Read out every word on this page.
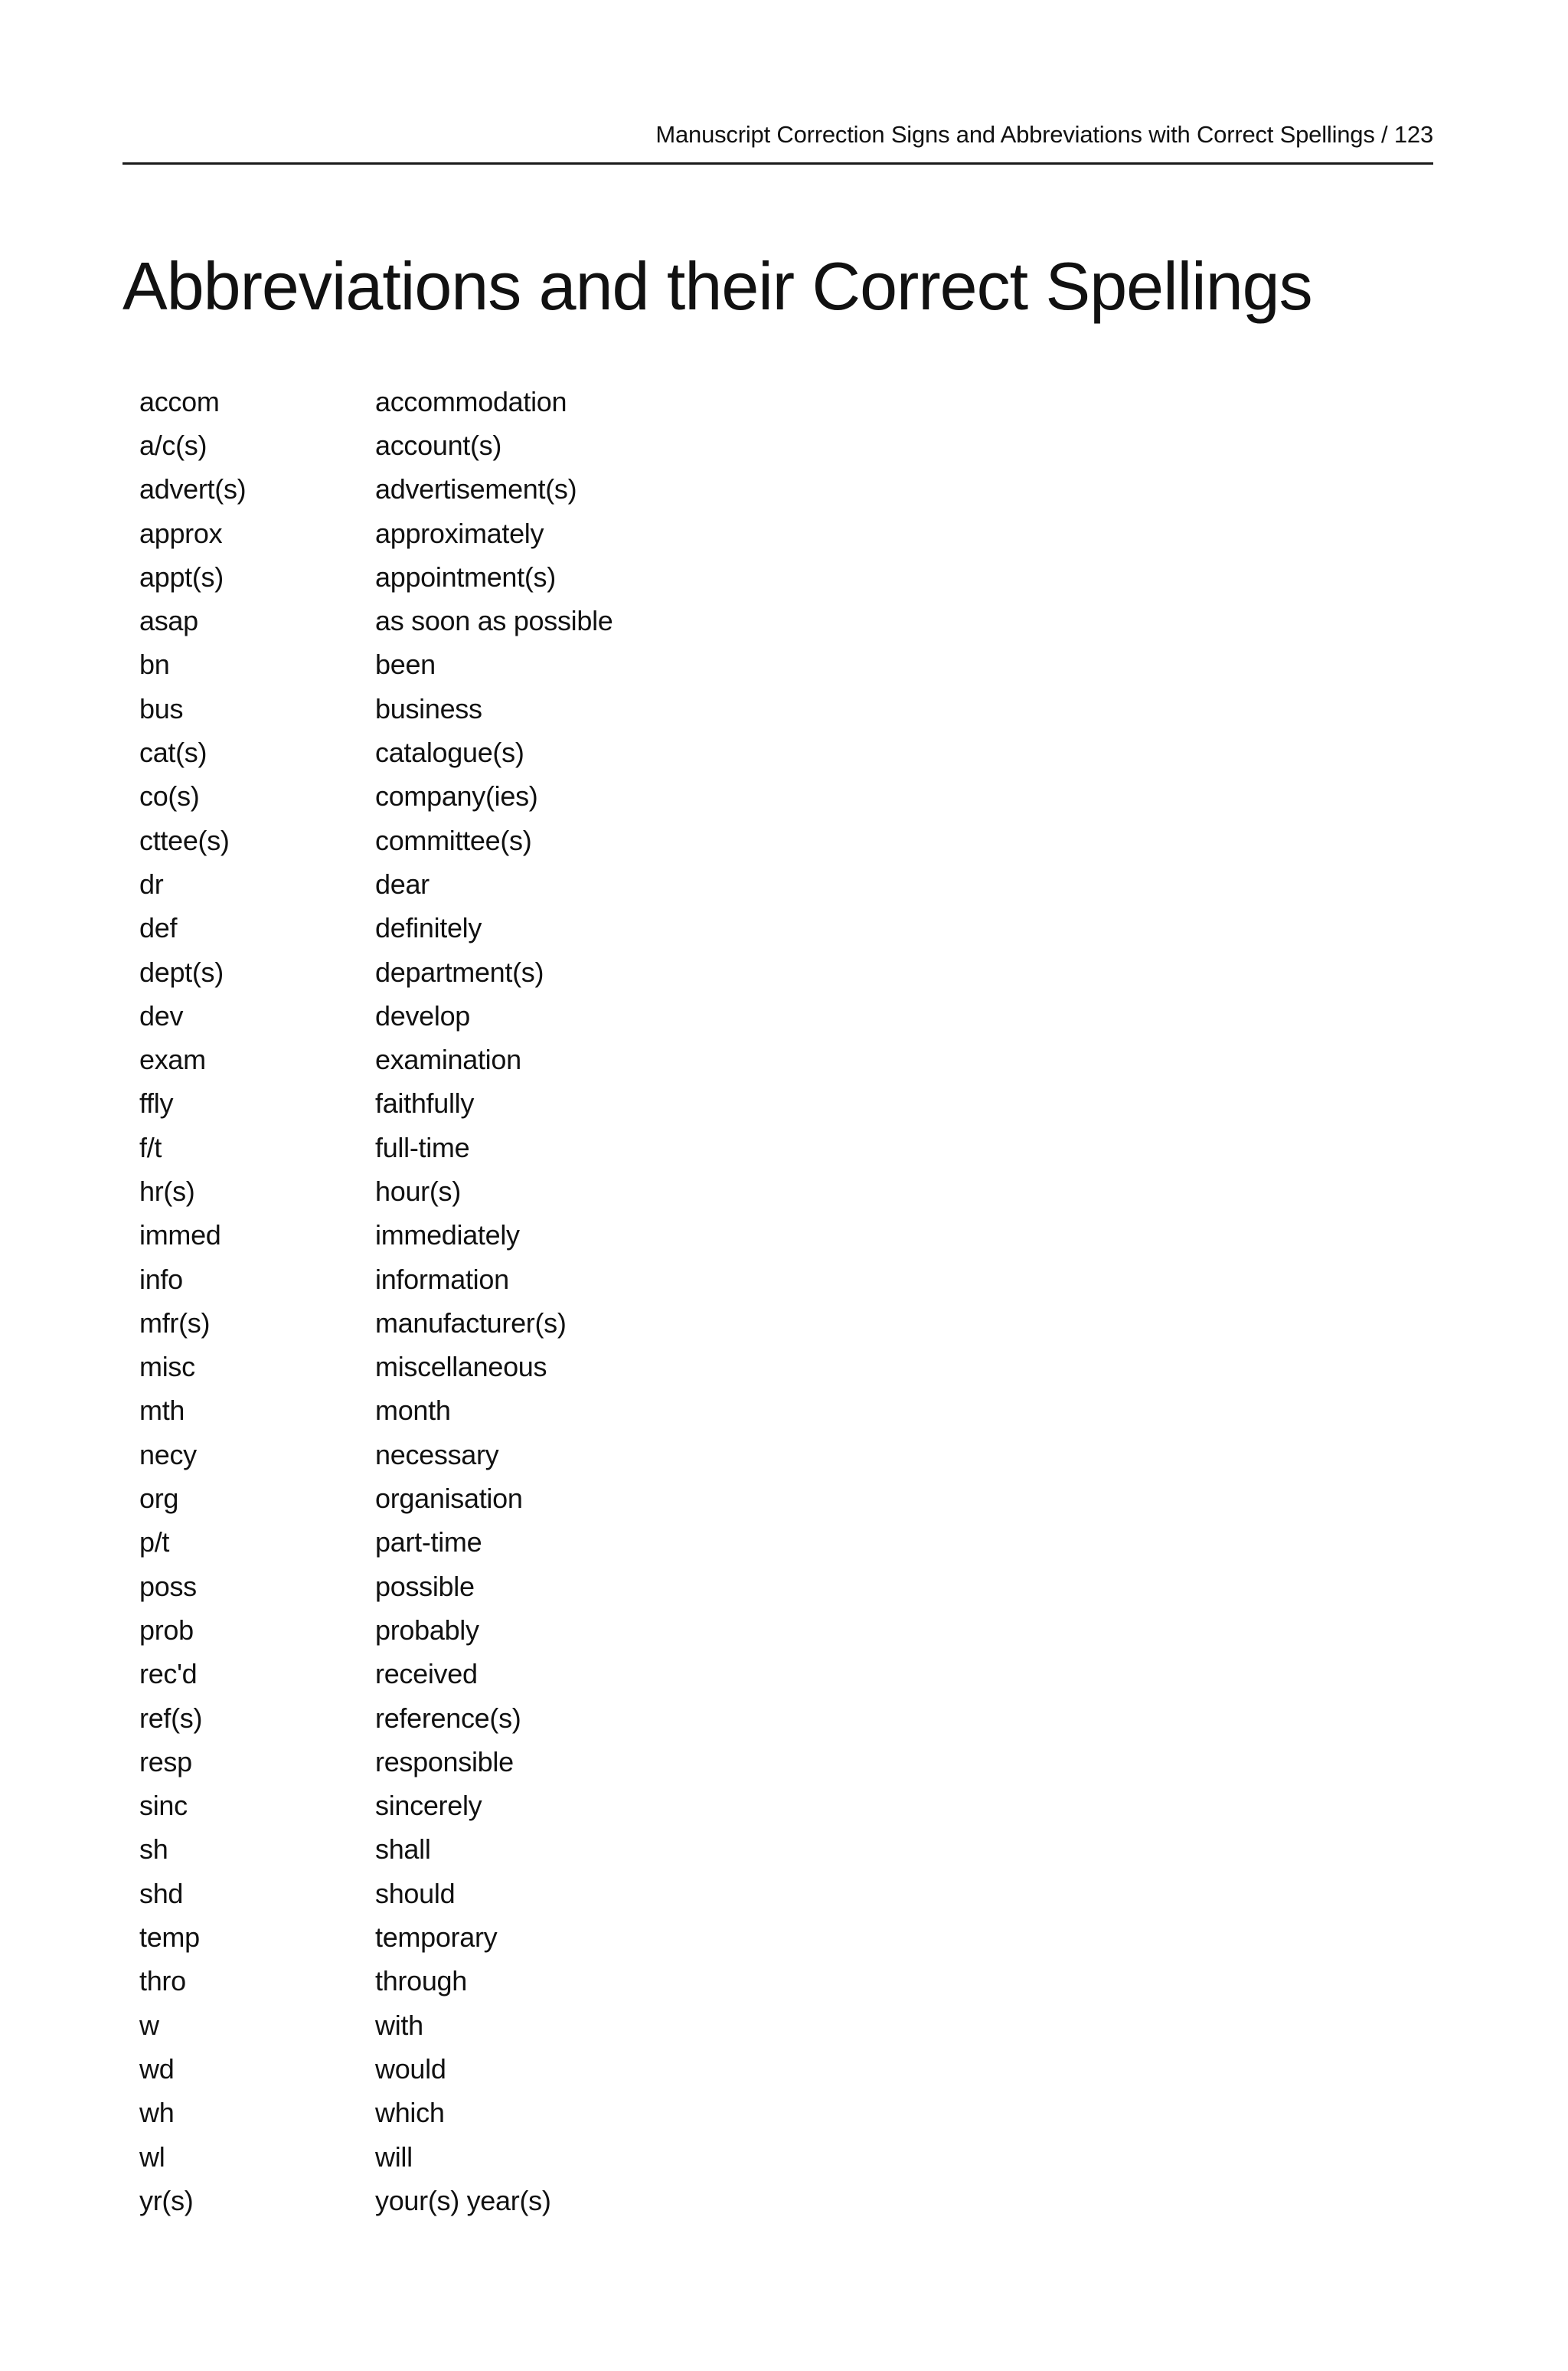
Manuscript Correction Signs and Abbreviations with Correct Spellings / 123
Abbreviations and their Correct Spellings
accom	accommodation
a/c(s)	account(s)
advert(s)	advertisement(s)
approx	approximately
appt(s)	appointment(s)
asap	as soon as possible
bn	been
bus	business
cat(s)	catalogue(s)
co(s)	company(ies)
cttee(s)	committee(s)
dr	dear
def	definitely
dept(s)	department(s)
dev	develop
exam	examination
ffly	faithfully
f/t	full-time
hr(s)	hour(s)
immed	immediately
info	information
mfr(s)	manufacturer(s)
misc	miscellaneous
mth	month
necy	necessary
org	organisation
p/t	part-time
poss	possible
prob	probably
rec'd	received
ref(s)	reference(s)
resp	responsible
sinc	sincerely
sh	shall
shd	should
temp	temporary
thro	through
w	with
wd	would
wh	which
wl	will
yr(s)	your(s) year(s)
